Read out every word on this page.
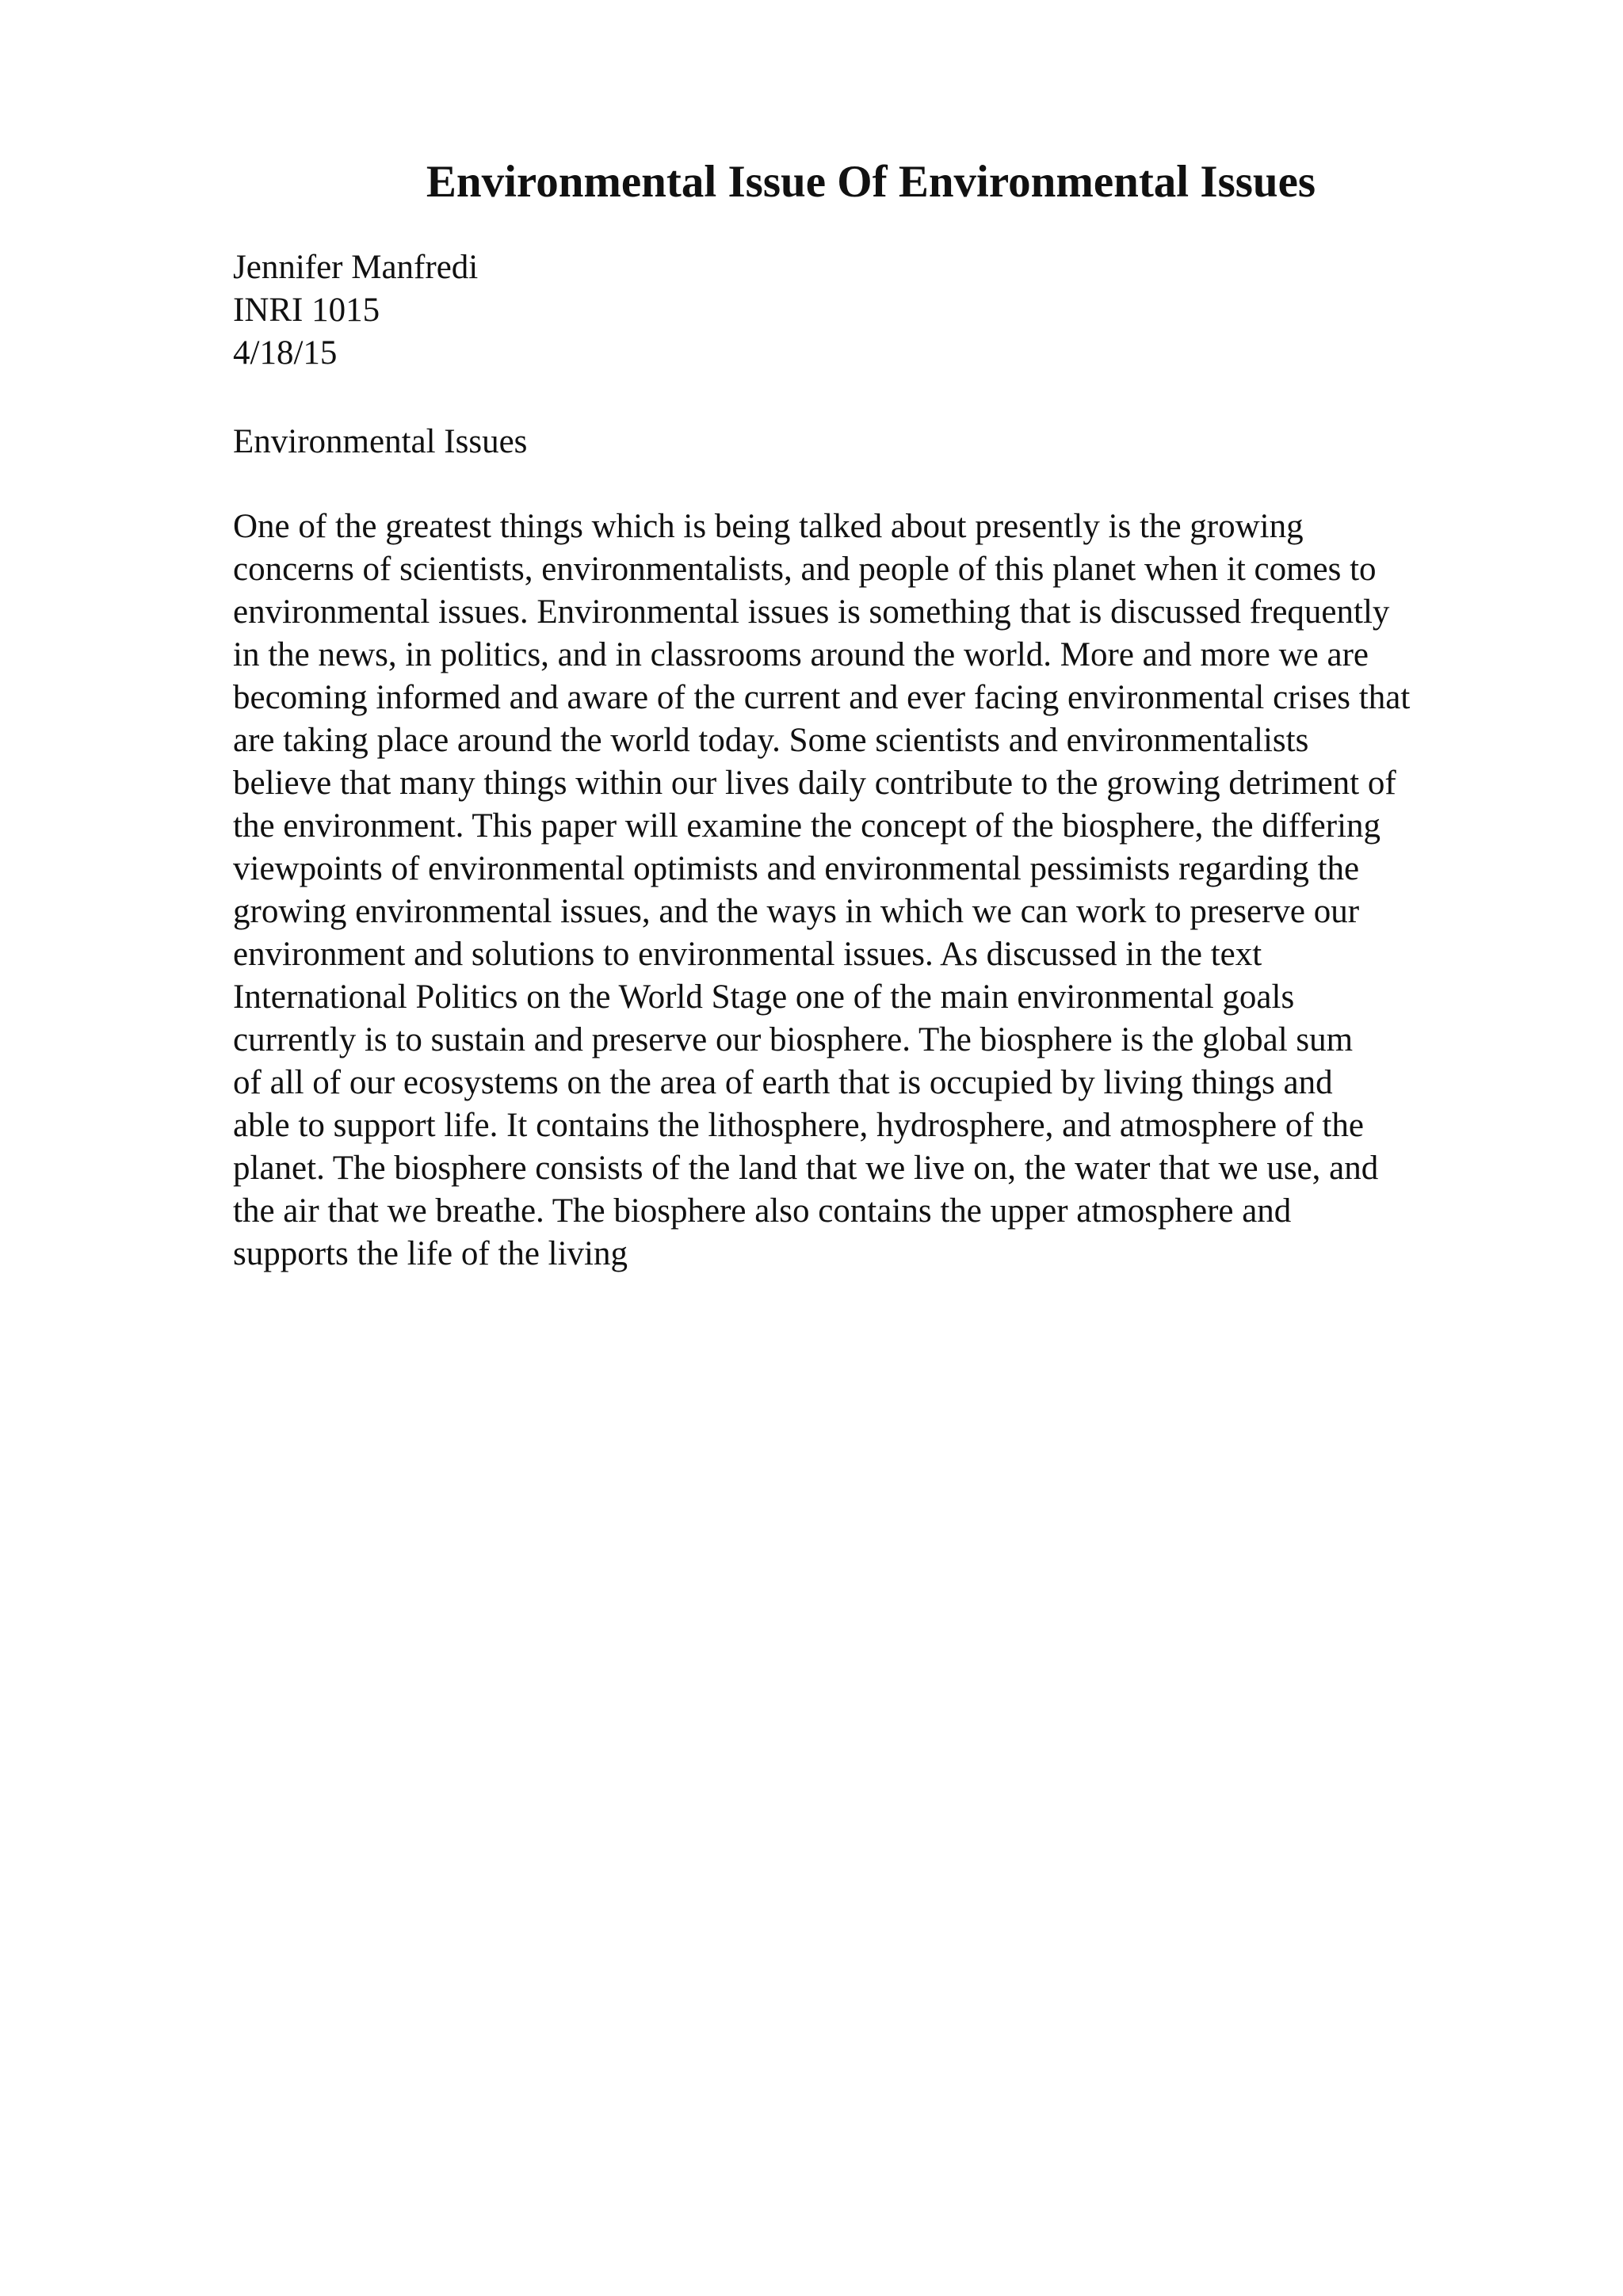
Environmental Issue Of Environmental Issues
Jennifer Manfredi
INRI 1015
4/18/15
Environmental Issues
One of the greatest things which is being talked about presently is the growing
concerns of scientists, environmentalists, and people of this planet when it comes to
environmental issues. Environmental issues is something that is discussed frequently
in the news, in politics, and in classrooms around the world. More and more we are
becoming informed and aware of the current and ever facing environmental crises that
are taking place around the world today. Some scientists and environmentalists
believe that many things within our lives daily contribute to the growing detriment of
the environment. This paper will examine the concept of the biosphere, the differing
viewpoints of environmental optimists and environmental pessimists regarding the
growing environmental issues, and the ways in which we can work to preserve our
environment and solutions to environmental issues. As discussed in the text
International Politics on the World Stage one of the main environmental goals
currently is to sustain and preserve our biosphere. The biosphere is the global sum
of all of our ecosystems on the area of earth that is occupied by living things and
able to support life. It contains the lithosphere, hydrosphere, and atmosphere of the
planet. The biosphere consists of the land that we live on, the water that we use, and
the air that we breathe. The biosphere also contains the upper atmosphere and
supports the life of the living
